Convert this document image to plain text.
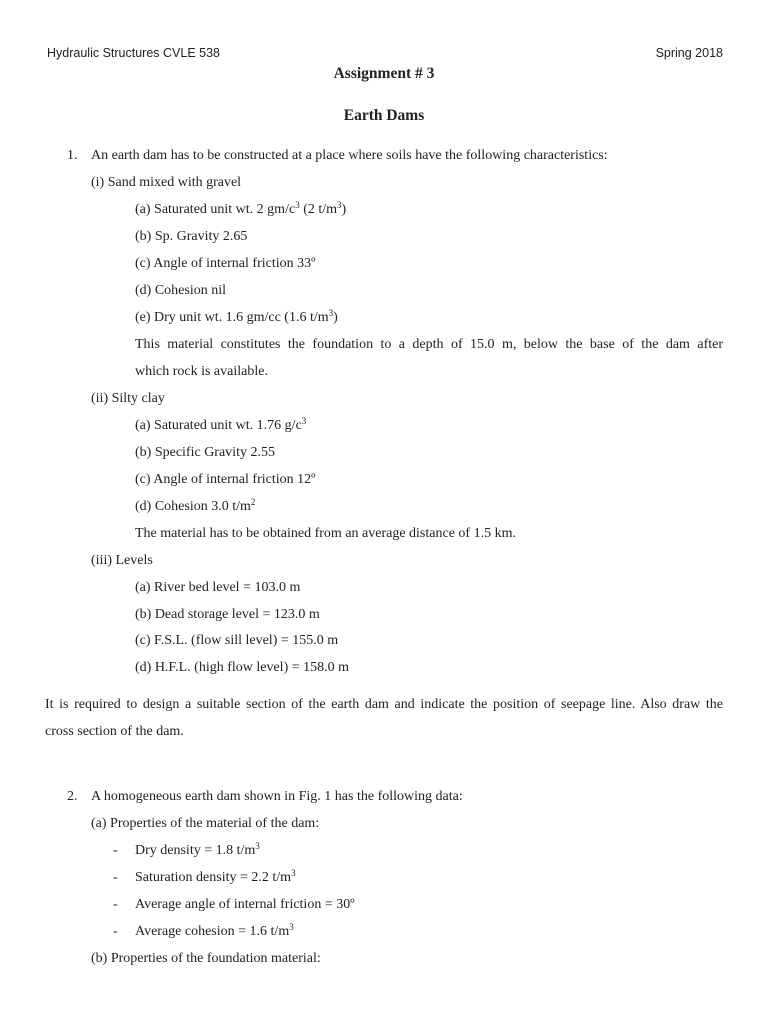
Hydraulic Structures CVLE 538	Spring 2018
Assignment # 3
Earth Dams
1. An earth dam has to be constructed at a place where soils have the following characteristics:
(i) Sand mixed with gravel
(a) Saturated unit wt. 2 $gm/c^3$ (2 $t/m^3$)
(b) Sp. Gravity 2.65
(c) Angle of internal friction 33º
(d) Cohesion nil
(e) Dry unit wt. 1.6 gm/cc (1.6 $t/m^3$)
This material constitutes the foundation to a depth of 15.0 m, below the base of the dam after
which rock is available.
(ii) Silty clay
(a) Saturated unit wt. 1.76 $g/c^3$
(b) Specific Gravity 2.55
(c) Angle of internal friction 12º
(d) Cohesion 3.0 $t/m^2$
The material has to be obtained from an average distance of 1.5 km.
(iii) Levels
(a) River bed level = 103.0 m
(b) Dead storage level = 123.0 m
(c) F.S.L. (flow sill level) = 155.0 m
(d) H.F.L. (high flow level) = 158.0 m
It is required to design a suitable section of the earth dam and indicate the position of seepage line. Also draw the
cross section of the dam.
2. A homogeneous earth dam shown in Fig. 1 has the following data:
(a) Properties of the material of the dam:
- Dry density = 1.8 $t/m^3$
- Saturation density = 2.2 $t/m^3$
- Average angle of internal friction = 30º
- Average cohesion = 1.6 $t/m^3$
(b) Properties of the foundation material:
